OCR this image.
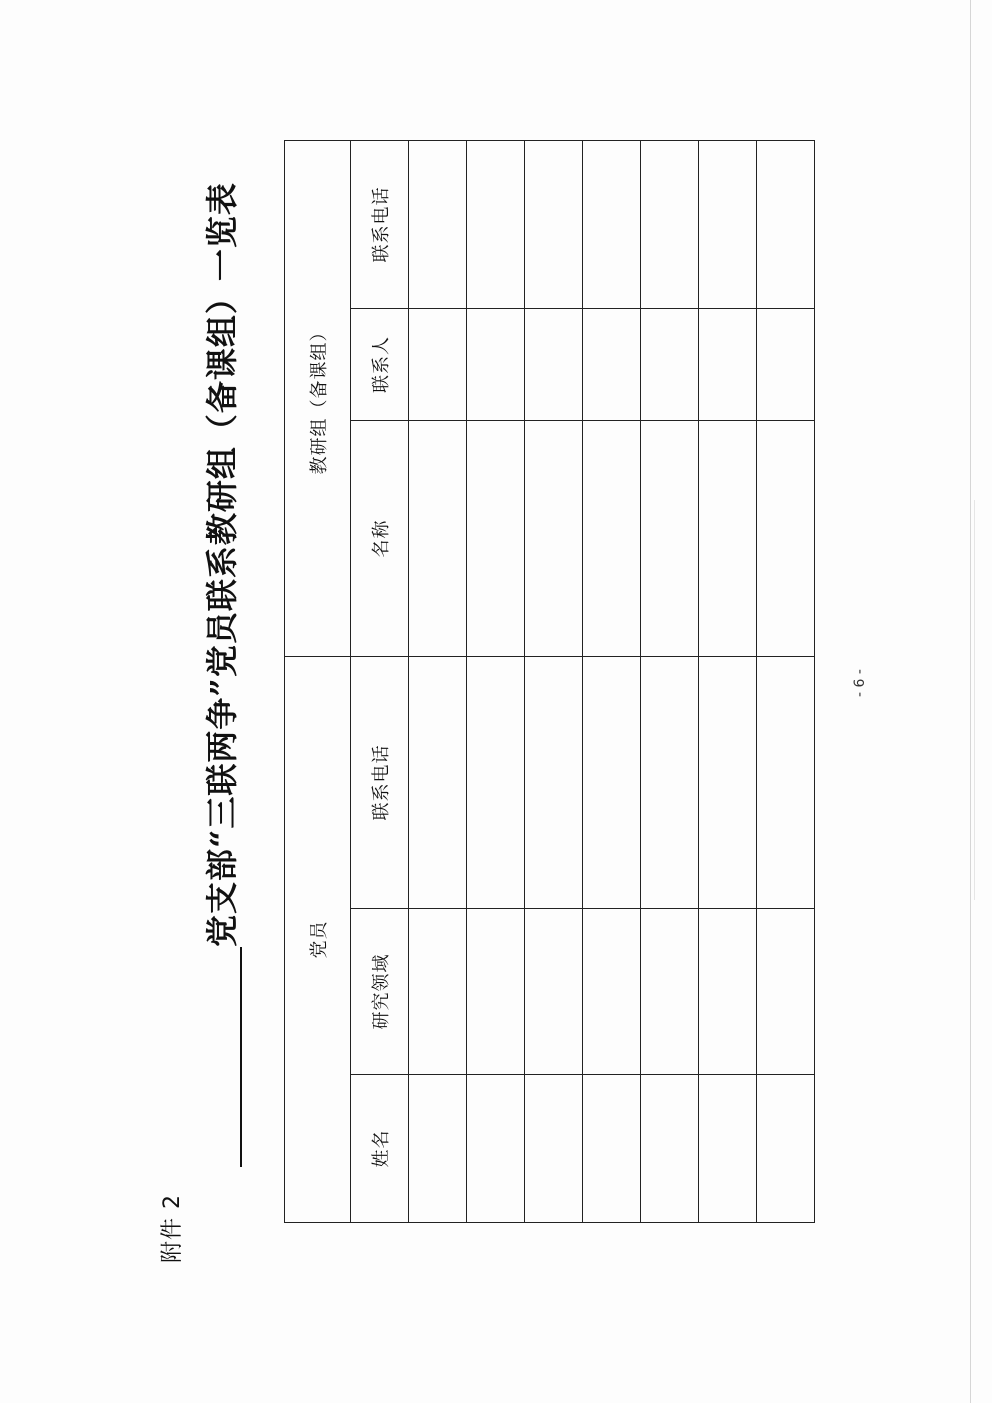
附件 2
党支部“三联两争”党员联系教研组（备课组）一览表	党员			教研组（备课组）		
姓名	研究领域	联系电话	名称	联系人	联系电话

- 6 -
